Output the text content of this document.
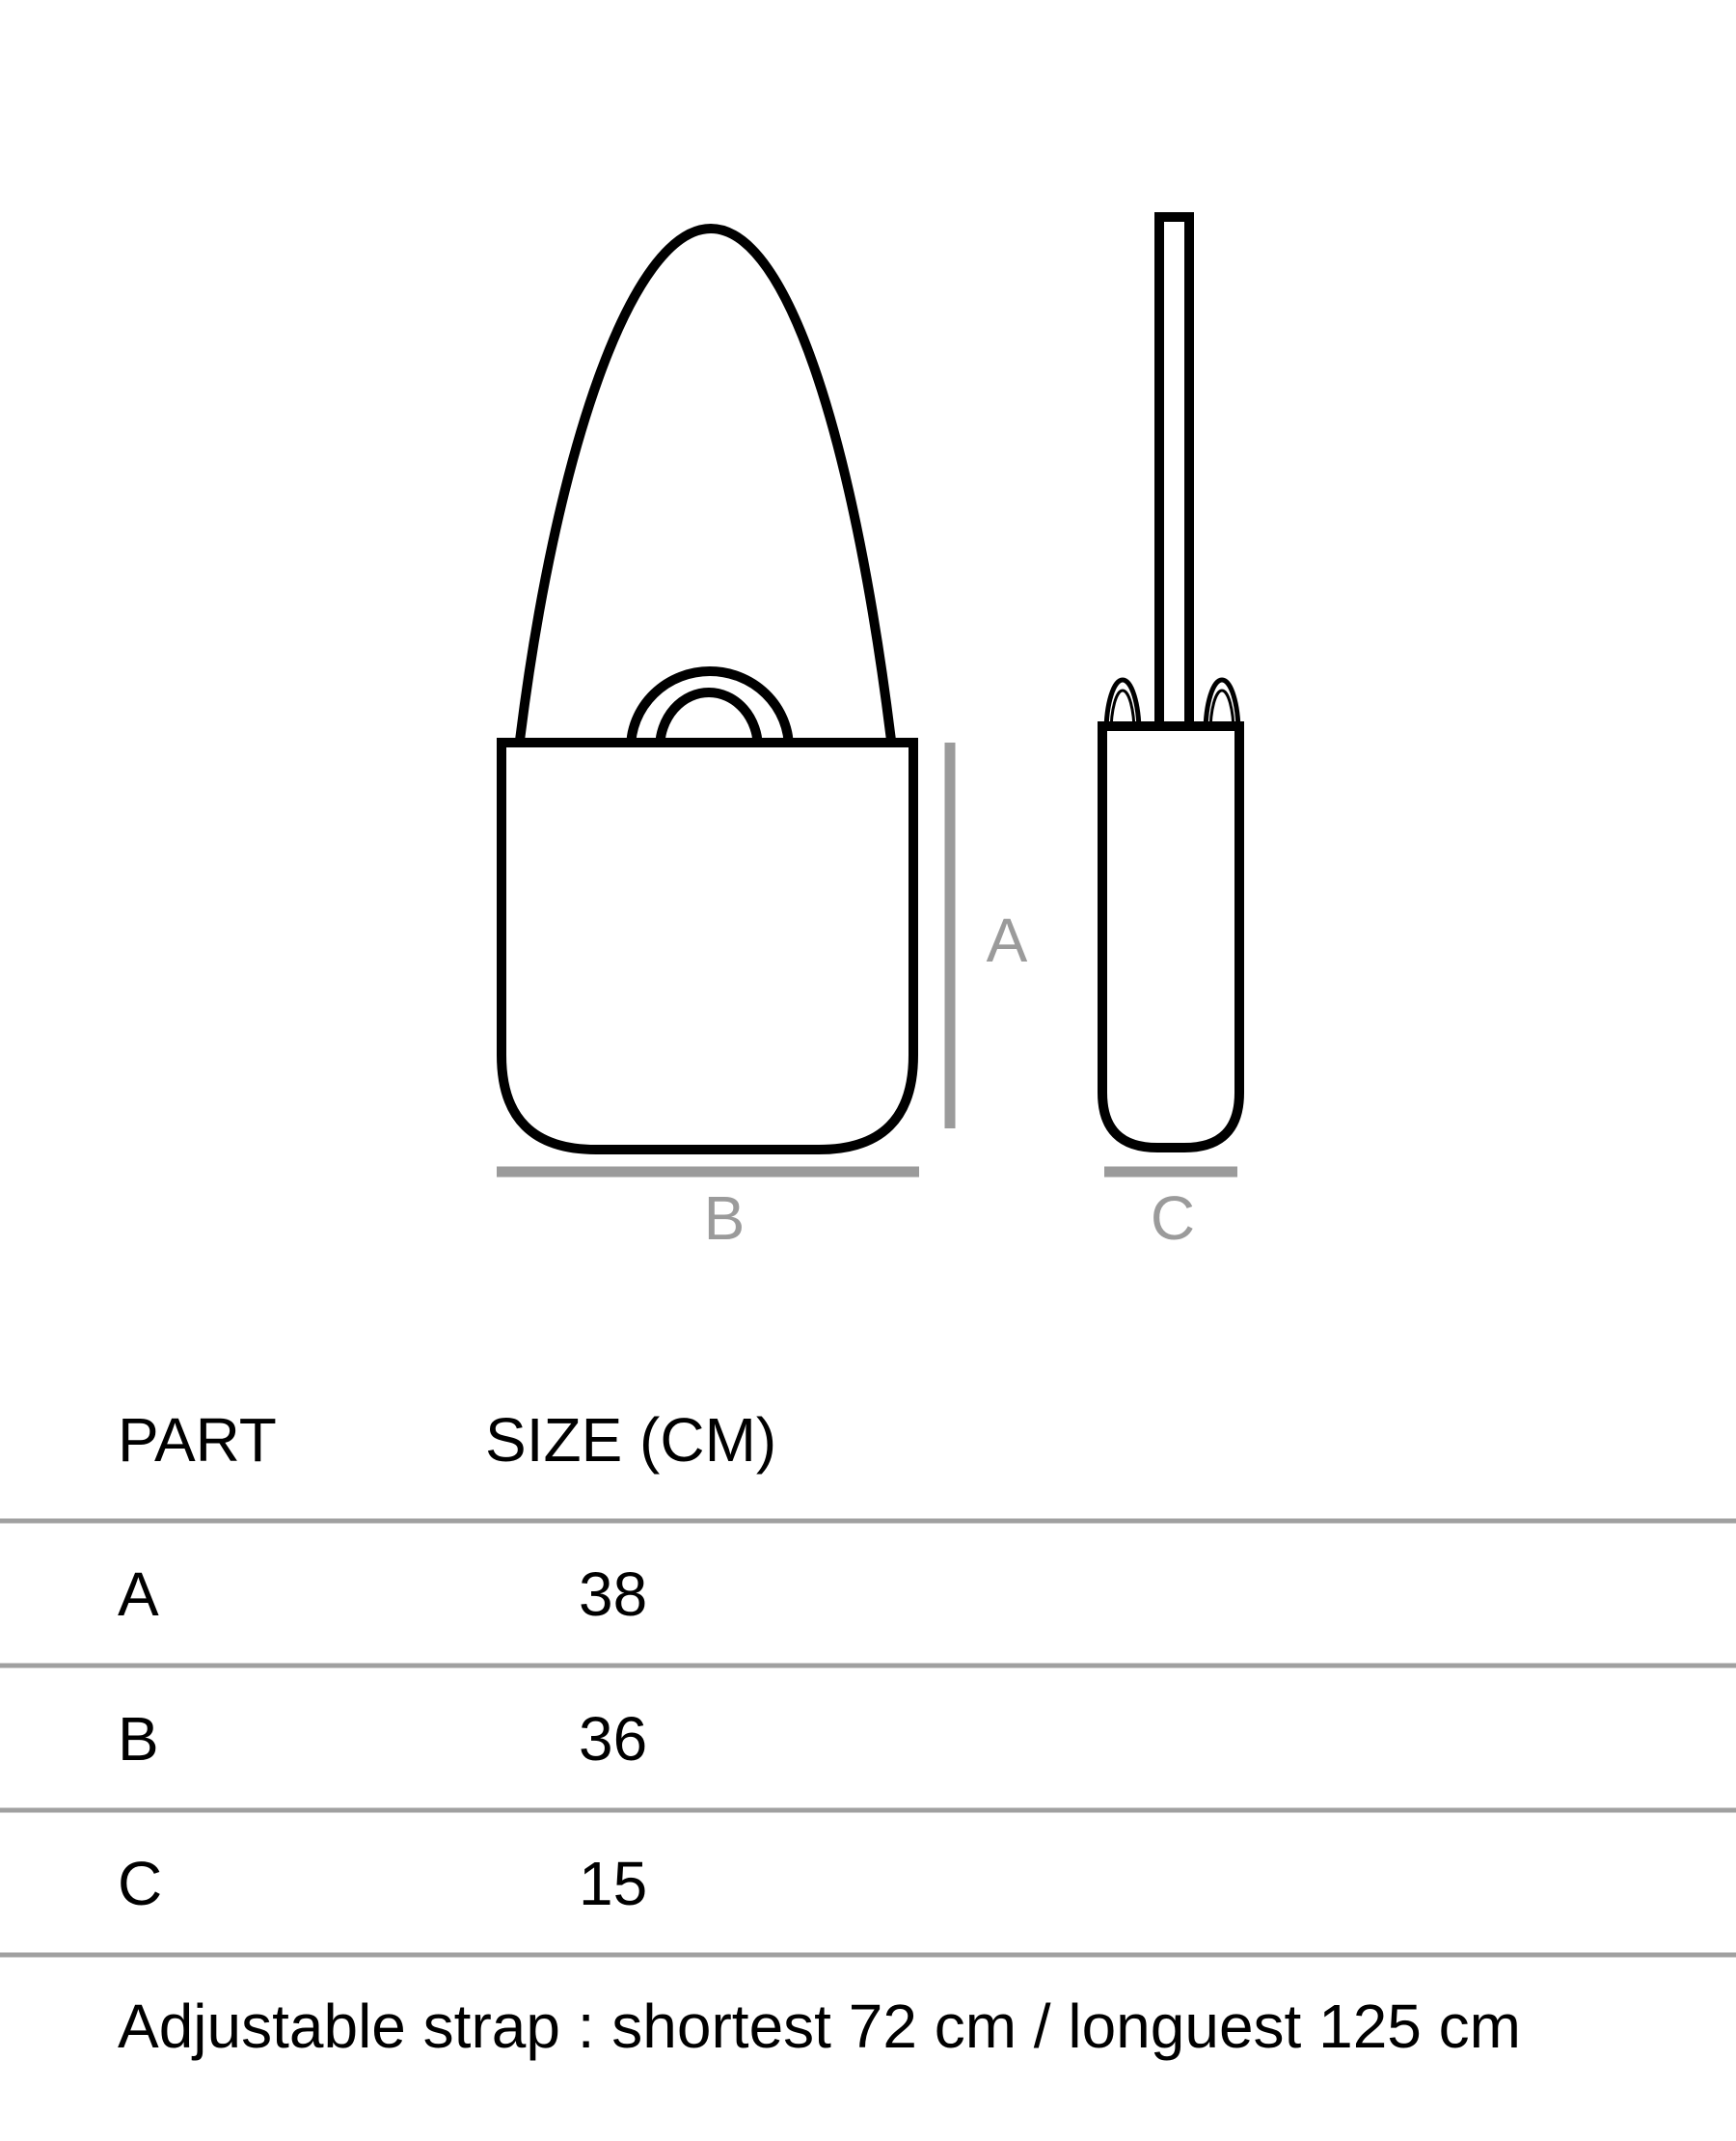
A
B	C
PART	SIZE (CM)
A	38
B	36
C	15
Adjustable strap : shortest 72 cm / longuest 125 cm
